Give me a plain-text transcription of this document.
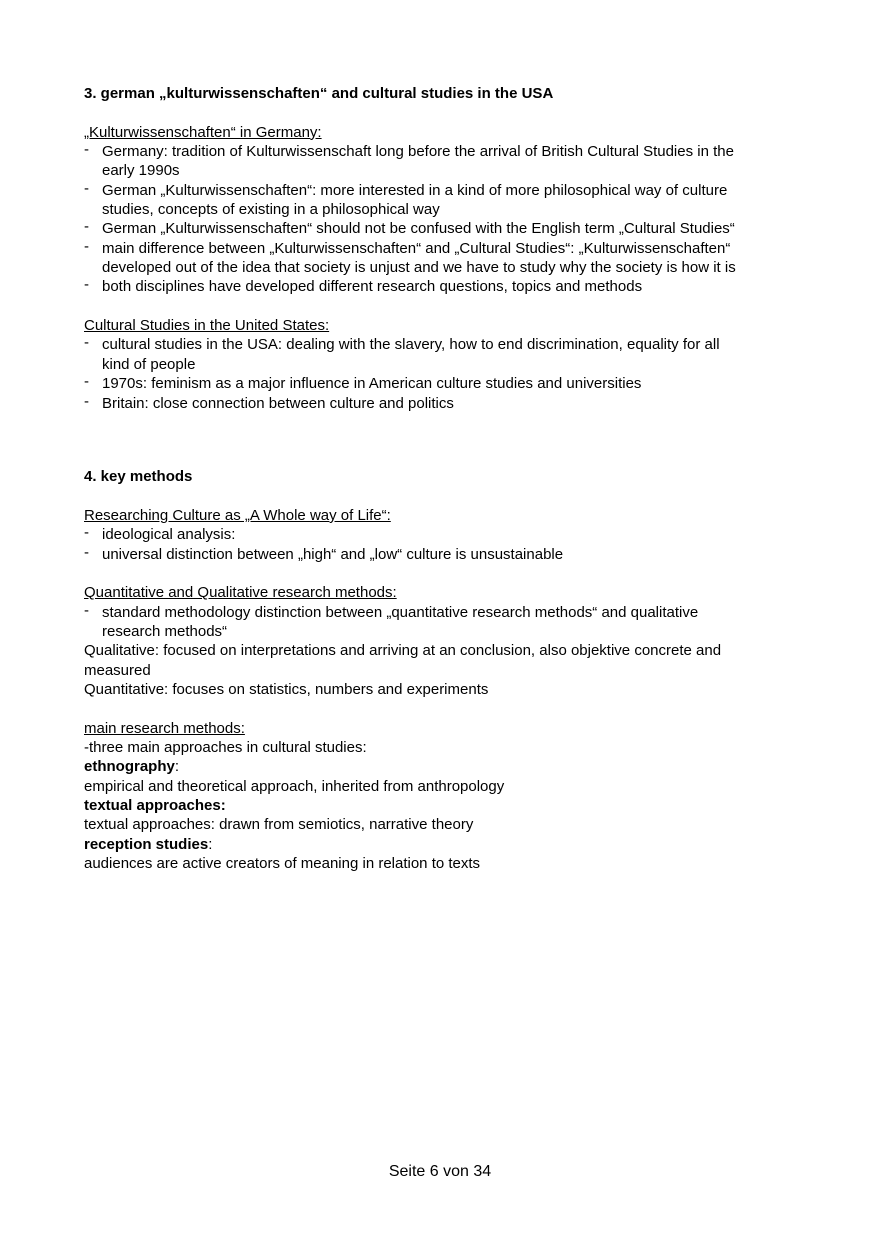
3. german „kulturwissenschaften“ and cultural studies in the USA
„Kulturwissenschaften“ in Germany:
- Germany: tradition of Kulturwissenschaft long before the arrival of British Cultural Studies in the
early 1990s
- German „Kulturwissenschaften“: more interested in a kind of more philosophical way of culture
studies, concepts of existing in a philosophical way
- German „Kulturwissenschaften“ should not be confused with the English term „Cultural Studies“
- main difference between „Kulturwissenschaften“ and „Cultural Studies“: „Kulturwissenschaften“
developed out of the idea that society is unjust and we have to study why the society is how it is
- both disciplines have developed different research questions, topics and methods
Cultural Studies in the United States:
- cultural studies in the USA: dealing with the slavery, how to end discrimination, equality for all
kind of people
- 1970s: feminism as a major influence in American culture studies and universities
- Britain: close connection between culture and politics
4. key methods
Researching Culture as „A Whole way of Life“:
- ideological analysis:
- universal distinction between „high“ and „low“ culture is unsustainable
Quantitative and Qualitative research methods:
- standard methodology distinction between „quantitative research methods“ and qualitative
research methods“
Qualitative: focused on interpretations and arriving at an conclusion, also objektive concrete and
measured
Quantitative: focuses on statistics, numbers and experiments
main research methods:
-three main approaches in cultural studies:
ethnography:
empirical and theoretical approach, inherited from anthropology
textual approaches:
textual approaches: drawn from semiotics, narrative theory
reception studies:
audiences are active creators of meaning in relation to texts
Seite 6 von 34
